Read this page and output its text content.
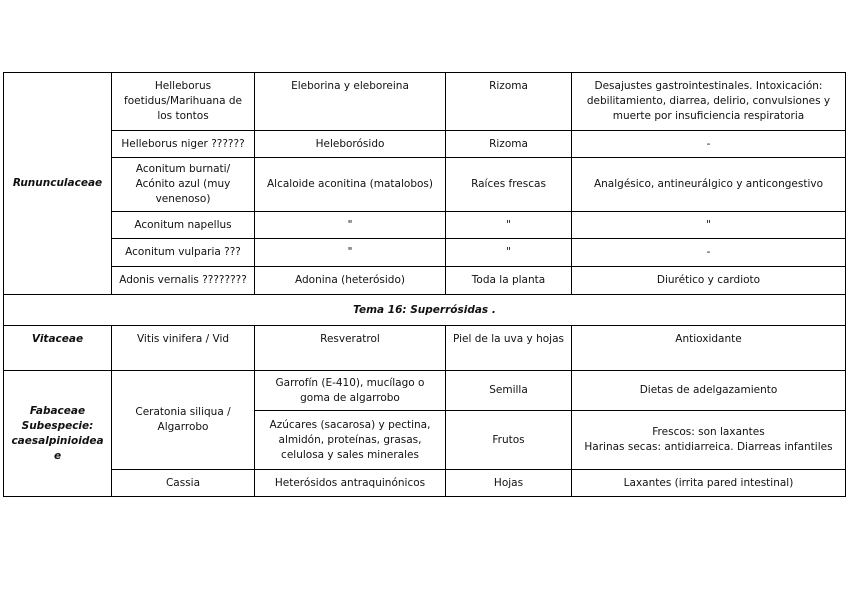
Rununculaceae	Helleborus foetidus/Marihuana de los tontos	Eleborina y eleboreina	Rizoma	Desajustes gastrointestinales. Intoxicación: debilitamiento, diarrea, delirio, convulsiones y muerte por insuficiencia respiratoria
	Helleborus niger ??????	Heleborósido	Rizoma	-
	Aconitum burnati/ Acónito azul (muy venenoso)	Alcaloide aconitina (matalobos)	Raíces frescas	Analgésico, antineurálgico y anticongestivo
	Aconitum napellus	"	"	"
	Aconitum vulparia ???	"	"	-
	Adonis vernalis ????????	Adonina (heterósido)	Toda la planta	Diurético y cardioto
Tema 16: Superrósidas .				
Vitaceae	Vitis vinifera / Vid	Resveratrol	Piel de la uva y hojas	Antioxidante

Fabaceae
Subespecie:
caesalpinioideae	Ceratonia siliqua / Algarrobo	Garrofín (E-410), mucílago o goma de algarrobo	Semilla	Dietas de adelgazamiento
		Azúcares (sacarosa) y pectina, almidón, proteínas, grasas, celulosa y sales minerales	Frutos	Frescos: son laxantes
Harinas secas: antidiarreica. Diarreas infantiles

	Cassia	Heterósidos antraquinónicos	Hojas	Laxantes (irrita pared intestinal)
